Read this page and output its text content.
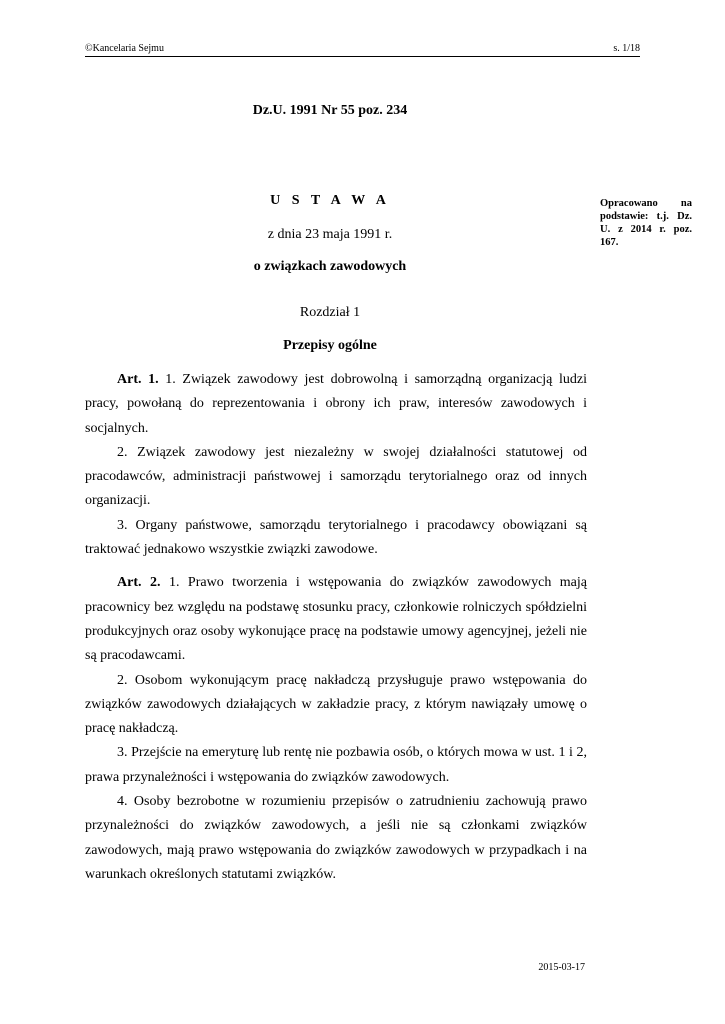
©Kancelaria Sejmu	s. 1/18
Dz.U. 1991 Nr 55 poz. 234
U S T A W A
z dnia 23 maja 1991 r.
o związkach zawodowych
Rozdział 1
Przepisy ogólne
Opracowano na podstawie: t.j. Dz. U. z 2014 r. poz. 167.

Art. 1. 1. Związek zawodowy jest dobrowolną i samorządną organizacją ludzi pracy, powołaną do reprezentowania i obrony ich praw, interesów zawodowych i socjalnych.

2. Związek zawodowy jest niezależny w swojej działalności statutowej od pracodawców, administracji państwowej i samorządu terytorialnego oraz od innych organizacji.

3. Organy państwowe, samorządu terytorialnego i pracodawcy obowiązani są traktować jednakowo wszystkie związki zawodowe.

Art. 2. 1. Prawo tworzenia i wstępowania do związków zawodowych mają pracownicy bez względu na podstawę stosunku pracy, członkowie rolniczych spółdzielni produkcyjnych oraz osoby wykonujące pracę na podstawie umowy agencyjnej, jeżeli nie są pracodawcami.

2. Osobom wykonującym pracę nakładczą przysługuje prawo wstępowania do związków zawodowych działających w zakładzie pracy, z którym nawiązały umowę o pracę nakładczą.

3. Przejście na emeryturę lub rentę nie pozbawia osób, o których mowa w ust. 1 i 2, prawa przynależności i wstępowania do związków zawodowych.

4. Osoby bezrobotne w rozumieniu przepisów o zatrudnieniu zachowują prawo przynależności do związków zawodowych, a jeśli nie są członkami związków zawodowych, mają prawo wstępowania do związków zawodowych w przypadkach i na warunkach określonych statutami związków.

2015-03-17
